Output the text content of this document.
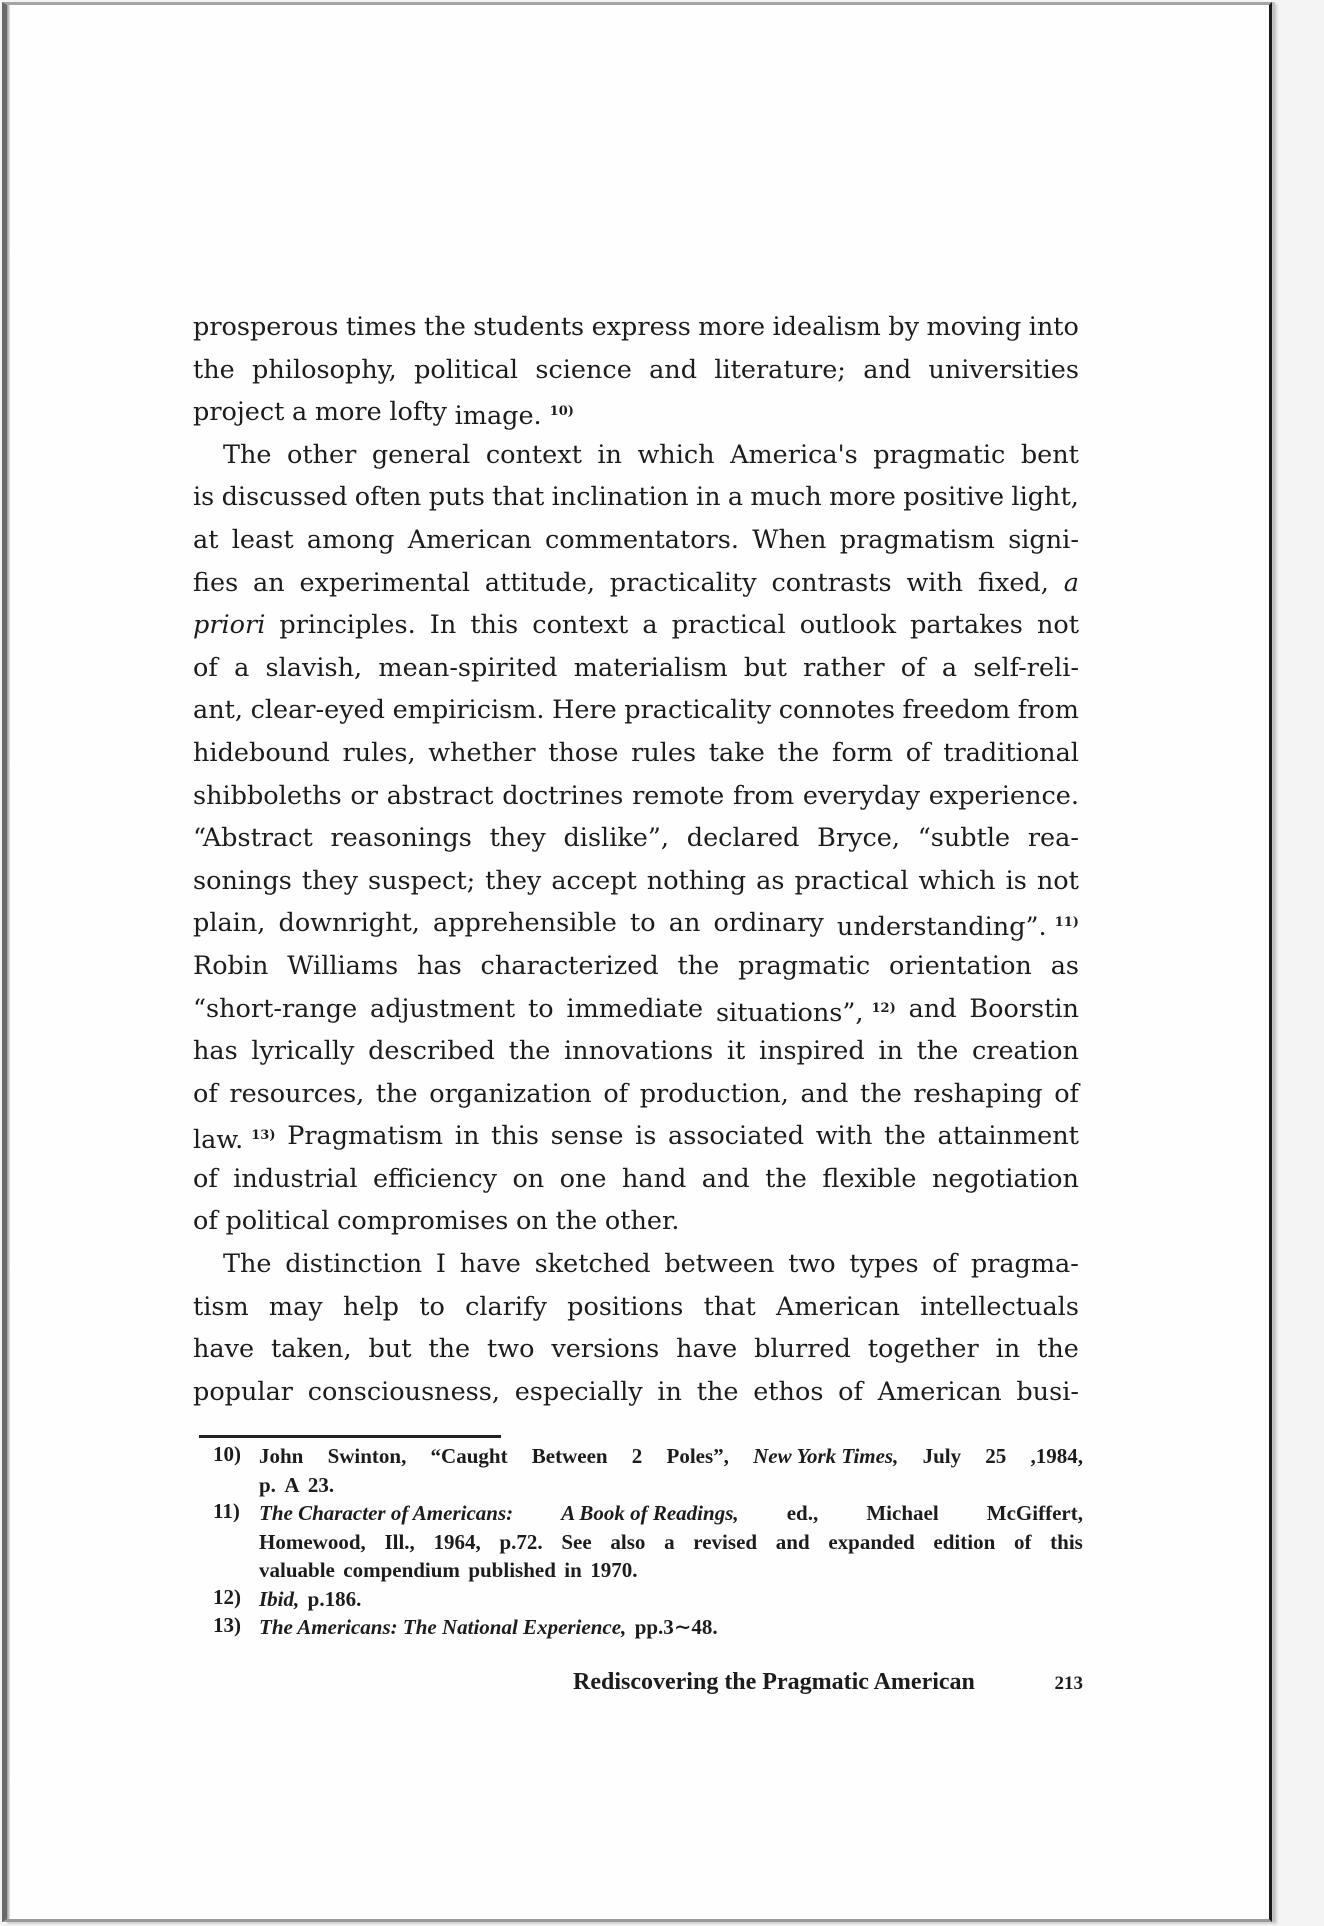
prosperous times the students express more idealism by moving into
the philosophy, political science and literature; and universities
project a more lofty image. $^{10)}$
The other general context in which America's pragmatic bent
is discussed often puts that inclination in a much more positive light,
at least among American commentators. When pragmatism signi-
fies an experimental attitude, practicality contrasts with fixed, a
priori principles. In this context a practical outlook partakes not
of a slavish, mean-spirited materialism but rather of a self-reli-
ant, clear-eyed empiricism. Here practicality connotes freedom from
hidebound rules, whether those rules take the form of traditional
shibboleths or abstract doctrines remote from everyday experience.
“Abstract reasonings they dislike”, declared Bryce, “subtle rea-
sonings they suspect; they accept nothing as practical which is not
plain, downright, apprehensible to an ordinary understanding”. $^{11)}$
Robin Williams has characterized the pragmatic orientation as
“short-range adjustment to immediate situations”, $^{12)}$ and Boorstin
has lyrically described the innovations it inspired in the creation
of resources, the organization of production, and the reshaping of
law. $^{13)}$ Pragmatism in this sense is associated with the attainment
of industrial efficiency on one hand and the flexible negotiation
of political compromises on the other.
The distinction I have sketched between two types of pragma-
tism may help to clarify positions that American intellectuals
have taken, but the two versions have blurred together in the
popular consciousness, especially in the ethos of American busi-
10) John Swinton, “Caught Between 2 Poles”, New York Times, July 25 ,1984,
p. A 23.
11) The Character of Americans: A Book of Readings, ed., Michael McGiffert,
Homewood, Ill., 1964, p.72. See also a revised and expanded edition of this
valuable compendium published in 1970.
12) Ibid, p.186.
13) The Americans: The National Experience, pp.3∼48.
Rediscovering the Pragmatic American	213
